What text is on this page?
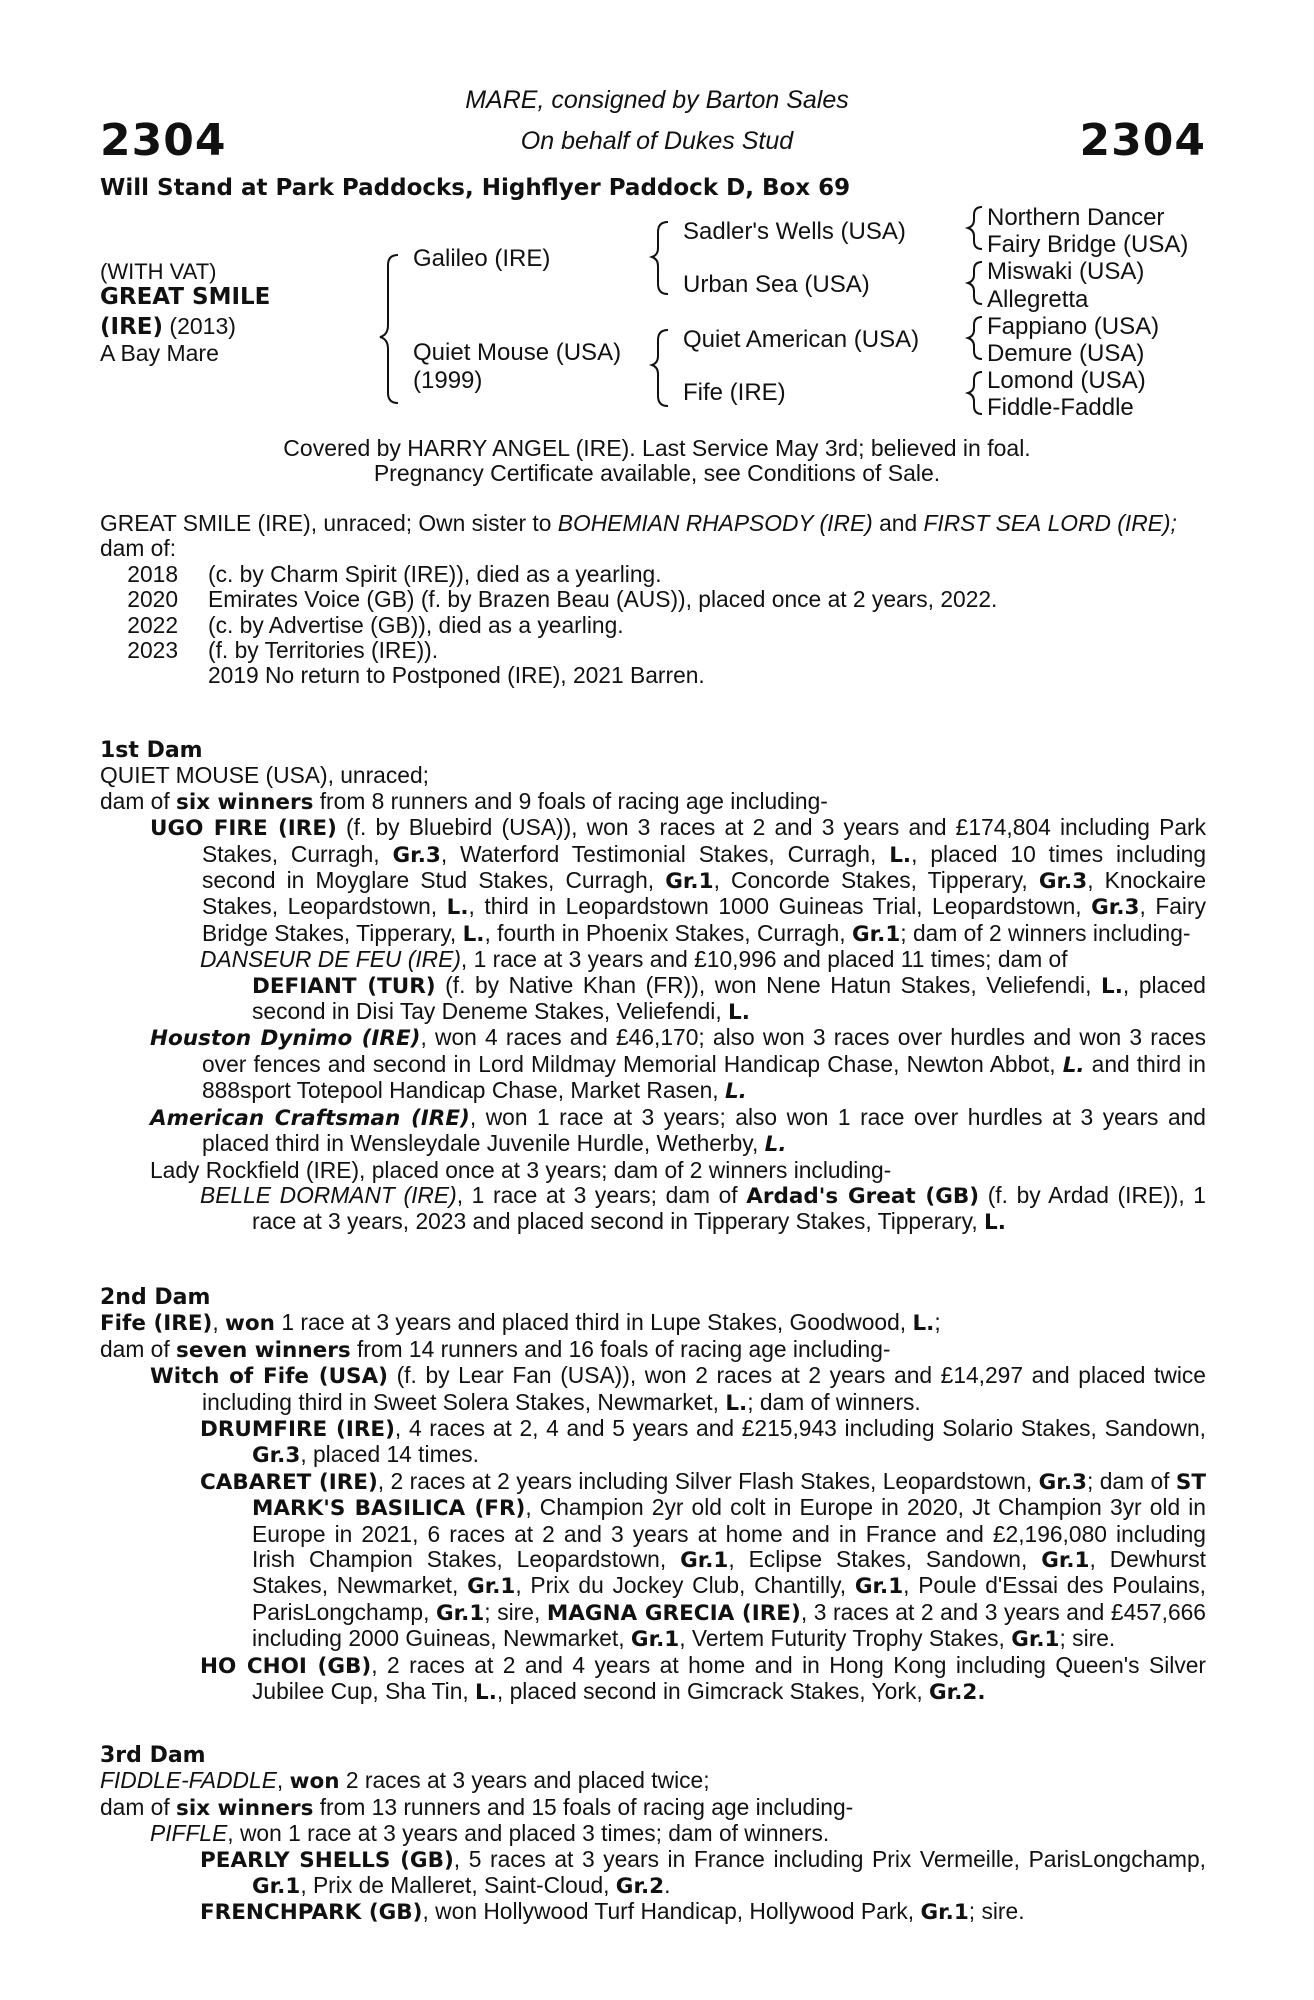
2304	2304
MARE, consigned by Barton Sales
On behalf of Dukes Stud
Will Stand at Park Paddocks, Highflyer Paddock D, Box 69
(WITH VAT)
GREAT SMILE
(IRE) (2013)
A Bay Mare
Galileo (IRE)
Quiet Mouse (USA)
(1999)
Sadler's Wells (USA)
Urban Sea (USA)
Quiet American (USA)
Fife (IRE)
Northern Dancer
Fairy Bridge (USA)
Miswaki (USA)
Allegretta
Fappiano (USA)
Demure (USA)
Lomond (USA)
Fiddle-Faddle
Covered by HARRY ANGEL (IRE). Last Service May 3rd; believed in foal.
Pregnancy Certificate available, see Conditions of Sale.
GREAT SMILE (IRE), unraced; Own sister to BOHEMIAN RHAPSODY (IRE) and FIRST SEA LORD (IRE);
dam of:
2018 (c. by Charm Spirit (IRE)), died as a yearling.
2020 Emirates Voice (GB) (f. by Brazen Beau (AUS)), placed once at 2 years, 2022.
2022 (c. by Advertise (GB)), died as a yearling.
2023 (f. by Territories (IRE)).
2019 No return to Postponed (IRE), 2021 Barren.
1st Dam
QUIET MOUSE (USA), unraced;
dam of six winners from 8 runners and 9 foals of racing age including-
UGO FIRE (IRE) (f. by Bluebird (USA)), won 3 races at 2 and 3 years and £174,804 including Park Stakes, Curragh, Gr.3, Waterford Testimonial Stakes, Curragh, L., placed 10 times including second in Moyglare Stud Stakes, Curragh, Gr.1, Concorde Stakes, Tipperary, Gr.3, Knockaire Stakes, Leopardstown, L., third in Leopardstown 1000 Guineas Trial, Leopardstown, Gr.3, Fairy Bridge Stakes, Tipperary, L., fourth in Phoenix Stakes, Curragh, Gr.1; dam of 2 winners including-
DANSEUR DE FEU (IRE), 1 race at 3 years and £10,996 and placed 11 times; dam of
DEFIANT (TUR) (f. by Native Khan (FR)), won Nene Hatun Stakes, Veliefendi, L., placed second in Disi Tay Deneme Stakes, Veliefendi, L.
Houston Dynimo (IRE), won 4 races and £46,170; also won 3 races over hurdles and won 3 races over fences and second in Lord Mildmay Memorial Handicap Chase, Newton Abbot, L. and third in 888sport Totepool Handicap Chase, Market Rasen, L.
American Craftsman (IRE), won 1 race at 3 years; also won 1 race over hurdles at 3 years and placed third in Wensleydale Juvenile Hurdle, Wetherby, L.
Lady Rockfield (IRE), placed once at 3 years; dam of 2 winners including-
BELLE DORMANT (IRE), 1 race at 3 years; dam of Ardad's Great (GB) (f. by Ardad (IRE)), 1 race at 3 years, 2023 and placed second in Tipperary Stakes, Tipperary, L.
2nd Dam
Fife (IRE), won 1 race at 3 years and placed third in Lupe Stakes, Goodwood, L.;
dam of seven winners from 14 runners and 16 foals of racing age including-
Witch of Fife (USA) (f. by Lear Fan (USA)), won 2 races at 2 years and £14,297 and placed twice including third in Sweet Solera Stakes, Newmarket, L.; dam of winners.
DRUMFIRE (IRE), 4 races at 2, 4 and 5 years and £215,943 including Solario Stakes, Sandown, Gr.3, placed 14 times.
CABARET (IRE), 2 races at 2 years including Silver Flash Stakes, Leopardstown, Gr.3; dam of ST MARK'S BASILICA (FR), Champion 2yr old colt in Europe in 2020, Jt Champion 3yr old in Europe in 2021, 6 races at 2 and 3 years at home and in France and £2,196,080 including Irish Champion Stakes, Leopardstown, Gr.1, Eclipse Stakes, Sandown, Gr.1, Dewhurst Stakes, Newmarket, Gr.1, Prix du Jockey Club, Chantilly, Gr.1, Poule d'Essai des Poulains, ParisLongchamp, Gr.1; sire, MAGNA GRECIA (IRE), 3 races at 2 and 3 years and £457,666 including 2000 Guineas, Newmarket, Gr.1, Vertem Futurity Trophy Stakes, Gr.1; sire.
HO CHOI (GB), 2 races at 2 and 4 years at home and in Hong Kong including Queen's Silver Jubilee Cup, Sha Tin, L., placed second in Gimcrack Stakes, York, Gr.2.
3rd Dam
FIDDLE-FADDLE, won 2 races at 3 years and placed twice;
dam of six winners from 13 runners and 15 foals of racing age including-
PIFFLE, won 1 race at 3 years and placed 3 times; dam of winners.
PEARLY SHELLS (GB), 5 races at 3 years in France including Prix Vermeille, ParisLongchamp, Gr.1, Prix de Malleret, Saint-Cloud, Gr.2.
FRENCHPARK (GB), won Hollywood Turf Handicap, Hollywood Park, Gr.1; sire.
